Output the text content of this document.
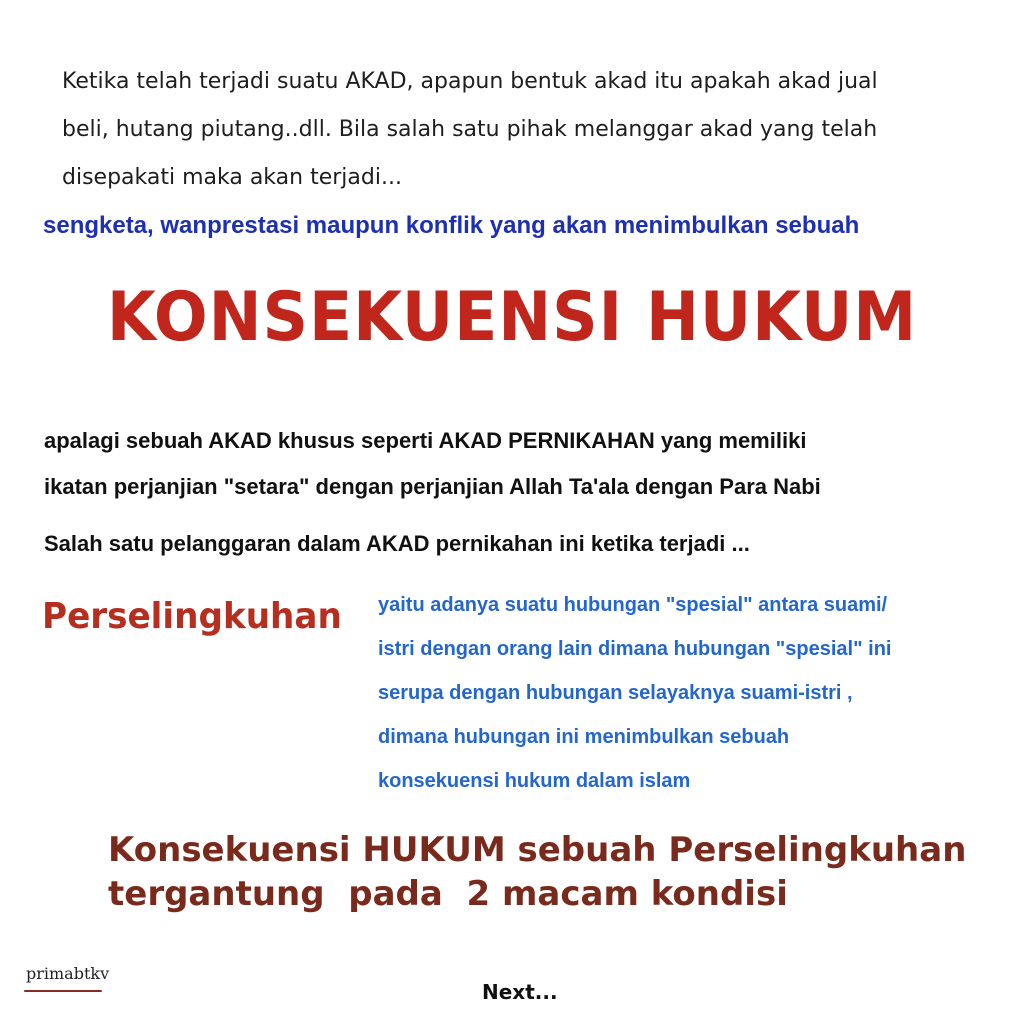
Ketika telah terjadi suatu AKAD, apapun bentuk akad itu apakah akad jual
beli, hutang piutang..dll. Bila salah satu pihak melanggar akad yang telah
disepakati maka akan terjadi...
sengketa, wanprestasi maupun konflik yang akan menimbulkan sebuah
KONSEKUENSI HUKUM
apalagi sebuah AKAD khusus seperti AKAD PERNIKAHAN yang memiliki
ikatan perjanjian "setara" dengan perjanjian Allah Ta'ala dengan Para Nabi
Salah satu pelanggaran dalam AKAD pernikahan ini ketika terjadi ...
Perselingkuhan yaitu adanya suatu hubungan "spesial" antara suami/
istri dengan orang lain dimana hubungan "spesial" ini
serupa dengan hubungan selayaknya suami-istri ,
dimana hubungan ini menimbulkan sebuah
konsekuensi hukum dalam islam
Konsekuensi HUKUM sebuah Perselingkuhan
tergantung  pada  2 macam kondisi
primabtkv
Next...
